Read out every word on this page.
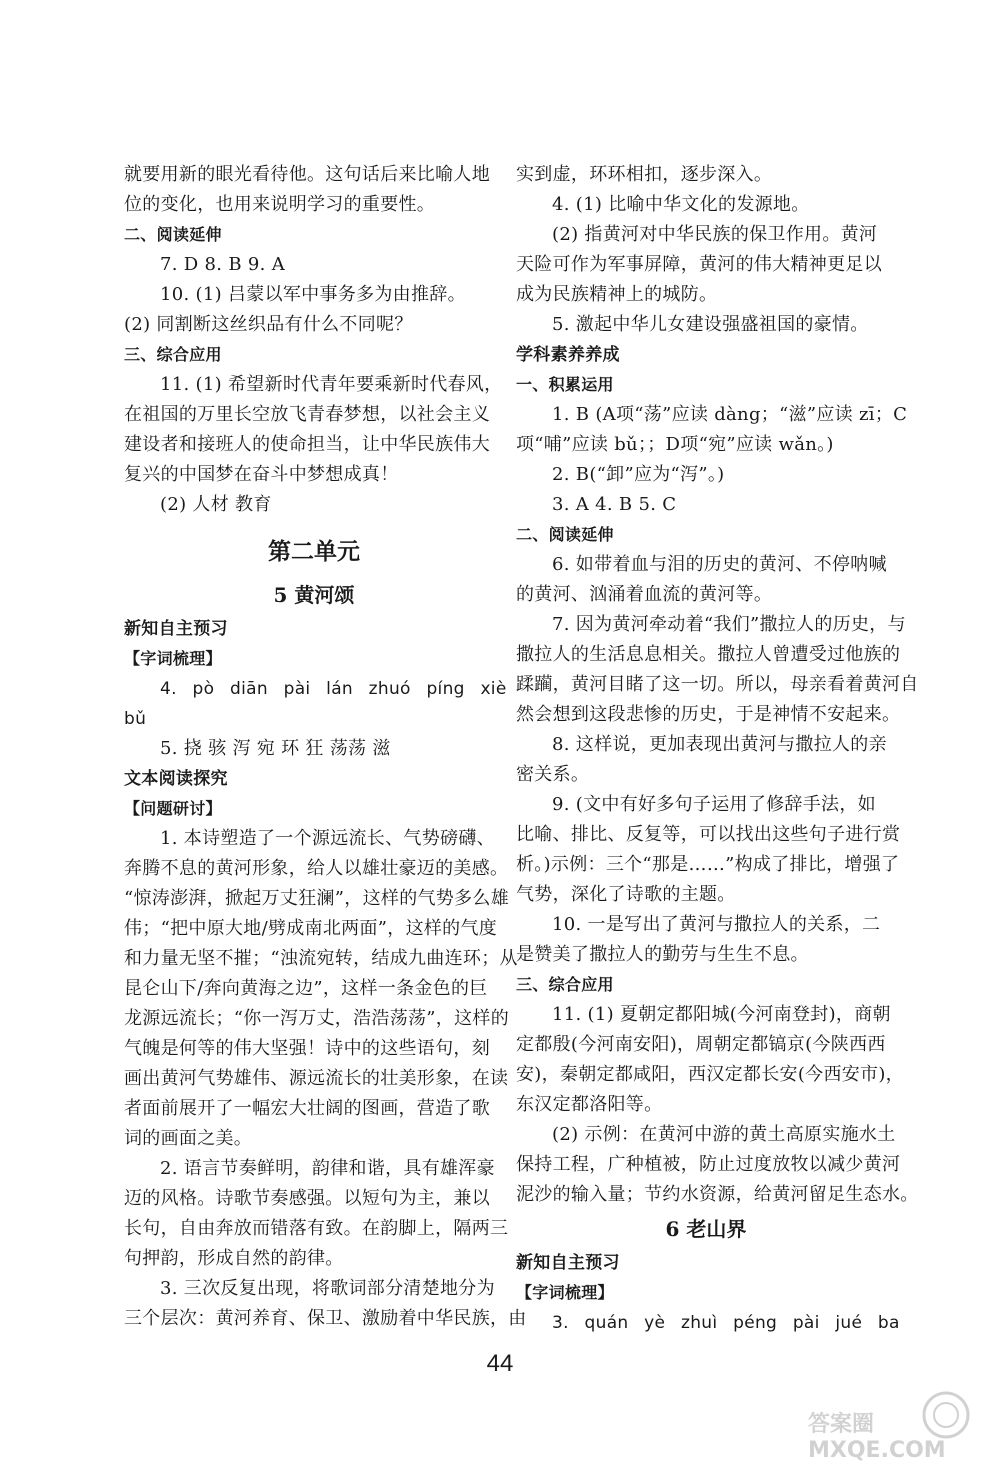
就要用新的眼光看待他。这句话后来比喻人地
位的变化，也用来说明学习的重要性。
二、阅读延伸
7. D 8. B 9. A
10. (1) 吕蒙以军中事务多为由推辞。
(2) 同割断这丝织品有什么不同呢？
三、综合应用
11. (1) 希望新时代青年要乘新时代春风，
在祖国的万里长空放飞青春梦想，以社会主义
建设者和接班人的使命担当，让中华民族伟大
复兴的中国梦在奋斗中梦想成真！
(2) 人材 教育
第二单元
5 黄河颂
新知自主预习
【字词梳理】
4. pò diān pài lán zhuó píng xiè
bǔ
5. 挠 骇 泻 宛 环 狂 荡荡 滋
文本阅读探究
【问题研讨】
1. 本诗塑造了一个源远流长、气势磅礴、
奔腾不息的黄河形象，给人以雄壮豪迈的美感。
“惊涛澎湃，掀起万丈狂澜”，这样的气势多么雄
伟；“把中原大地/劈成南北两面”，这样的气度
和力量无坚不摧；“浊流宛转，结成九曲连环；从
昆仑山下/奔向黄海之边”，这样一条金色的巨
龙源远流长；“你一泻万丈，浩浩荡荡”，这样的
气魄是何等的伟大坚强！诗中的这些语句，刻
画出黄河气势雄伟、源远流长的壮美形象，在读
者面前展开了一幅宏大壮阔的图画，营造了歌
词的画面之美。
2. 语言节奏鲜明，韵律和谐，具有雄浑豪
迈的风格。诗歌节奏感强。以短句为主，兼以
长句，自由奔放而错落有致。在韵脚上，隔两三
句押韵，形成自然的韵律。
3. 三次反复出现，将歌词部分清楚地分为
三个层次：黄河养育、保卫、激励着中华民族，由
实到虚，环环相扣，逐步深入。
4. (1) 比喻中华文化的发源地。
(2) 指黄河对中华民族的保卫作用。黄河
天险可作为军事屏障，黄河的伟大精神更足以
成为民族精神上的城防。
5. 激起中华儿女建设强盛祖国的豪情。
学科素养养成
一、积累运用
1. B (A项“荡”应读 dàng；“滋”应读 zī；C
项“哺”应读 bǔ；；D项“宛”应读 wǎn。)
2. B(“卸”应为“泻”。)
3. A 4. B 5. C
二、阅读延伸
6. 如带着血与泪的历史的黄河、不停呐喊
的黄河、汹涌着血流的黄河等。
7. 因为黄河牵动着“我们”撒拉人的历史，与
撒拉人的生活息息相关。撒拉人曾遭受过他族的
蹂躏，黄河目睹了这一切。所以，母亲看着黄河自
然会想到这段悲惨的历史，于是神情不安起来。
8. 这样说，更加表现出黄河与撒拉人的亲
密关系。
9. (文中有好多句子运用了修辞手法，如
比喻、排比、反复等，可以找出这些句子进行赏
析。)示例：三个“那是……”构成了排比，增强了
气势，深化了诗歌的主题。
10. 一是写出了黄河与撒拉人的关系，二
是赞美了撒拉人的勤劳与生生不息。
三、综合应用
11. (1) 夏朝定都阳城(今河南登封)，商朝
定都殷(今河南安阳)，周朝定都镐京(今陕西西
安)，秦朝定都咸阳，西汉定都长安(今西安市)，
东汉定都洛阳等。
(2) 示例：在黄河中游的黄土高原实施水土
保持工程，广种植被，防止过度放牧以减少黄河
泥沙的输入量；节约水资源，给黄河留足生态水。
6 老山界
新知自主预习
【字词梳理】
3. quán yè zhuì péng pài jué ba
44
答案圈 MXQE.COM
